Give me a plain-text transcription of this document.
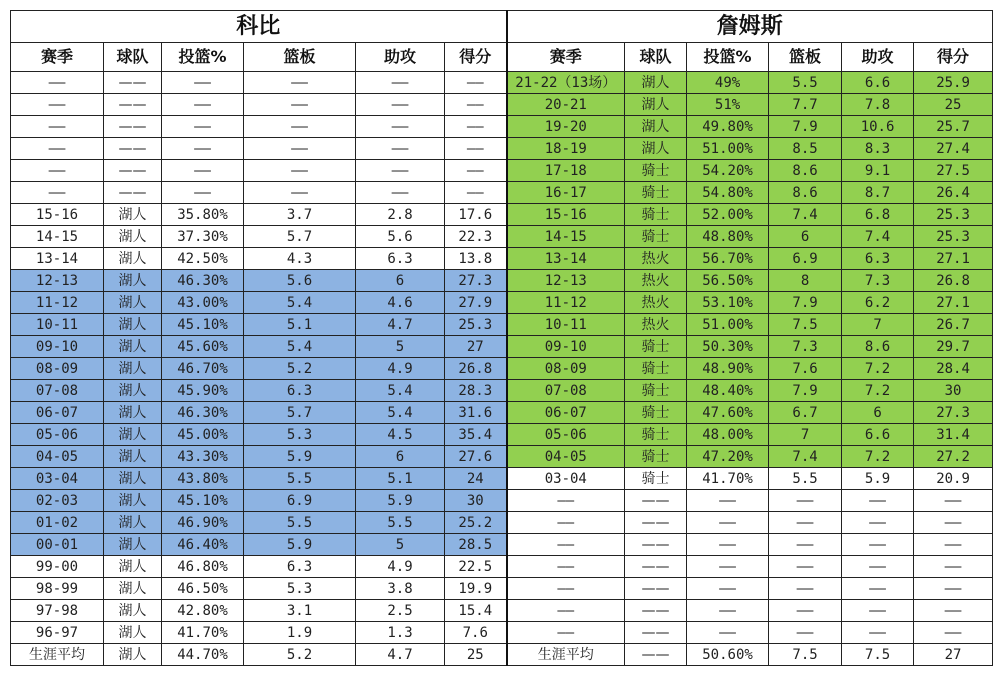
科比						詹姆斯					
赛季	球队	投篮%	篮板	助攻	得分	赛季	球队	投篮%	篮板	助攻	得分
——	——	——	——	——	——	21-22（13场）	湖人	49%	5.5	6.6	25.9
——	——	——	——	——	——	20-21	湖人	51%	7.7	7.8	25
——	——	——	——	——	——	19-20	湖人	49.80%	7.9	10.6	25.7
——	——	——	——	——	——	18-19	湖人	51.00%	8.5	8.3	27.4
——	——	——	——	——	——	17-18	骑士	54.20%	8.6	9.1	27.5
——	——	——	——	——	——	16-17	骑士	54.80%	8.6	8.7	26.4
15-16	湖人	35.80%	3.7	2.8	17.6	15-16	骑士	52.00%	7.4	6.8	25.3
14-15	湖人	37.30%	5.7	5.6	22.3	14-15	骑士	48.80%	6	7.4	25.3
13-14	湖人	42.50%	4.3	6.3	13.8	13-14	热火	56.70%	6.9	6.3	27.1
12-13	湖人	46.30%	5.6	6	27.3	12-13	热火	56.50%	8	7.3	26.8
11-12	湖人	43.00%	5.4	4.6	27.9	11-12	热火	53.10%	7.9	6.2	27.1
10-11	湖人	45.10%	5.1	4.7	25.3	10-11	热火	51.00%	7.5	7	26.7
09-10	湖人	45.60%	5.4	5	27	09-10	骑士	50.30%	7.3	8.6	29.7
08-09	湖人	46.70%	5.2	4.9	26.8	08-09	骑士	48.90%	7.6	7.2	28.4
07-08	湖人	45.90%	6.3	5.4	28.3	07-08	骑士	48.40%	7.9	7.2	30
06-07	湖人	46.30%	5.7	5.4	31.6	06-07	骑士	47.60%	6.7	6	27.3
05-06	湖人	45.00%	5.3	4.5	35.4	05-06	骑士	48.00%	7	6.6	31.4
04-05	湖人	43.30%	5.9	6	27.6	04-05	骑士	47.20%	7.4	7.2	27.2
03-04	湖人	43.80%	5.5	5.1	24	03-04	骑士	41.70%	5.5	5.9	20.9
02-03	湖人	45.10%	6.9	5.9	30	——	——	——	——	——	——
01-02	湖人	46.90%	5.5	5.5	25.2	——	——	——	——	——	——
00-01	湖人	46.40%	5.9	5	28.5	——	——	——	——	——	——
99-00	湖人	46.80%	6.3	4.9	22.5	——	——	——	——	——	——
98-99	湖人	46.50%	5.3	3.8	19.9	——	——	——	——	——	——
97-98	湖人	42.80%	3.1	2.5	15.4	——	——	——	——	——	——
96-97	湖人	41.70%	1.9	1.3	7.6	——	——	——	——	——	——
生涯平均	湖人	44.70%	5.2	4.7	25	生涯平均	——	50.60%	7.5	7.5	27
